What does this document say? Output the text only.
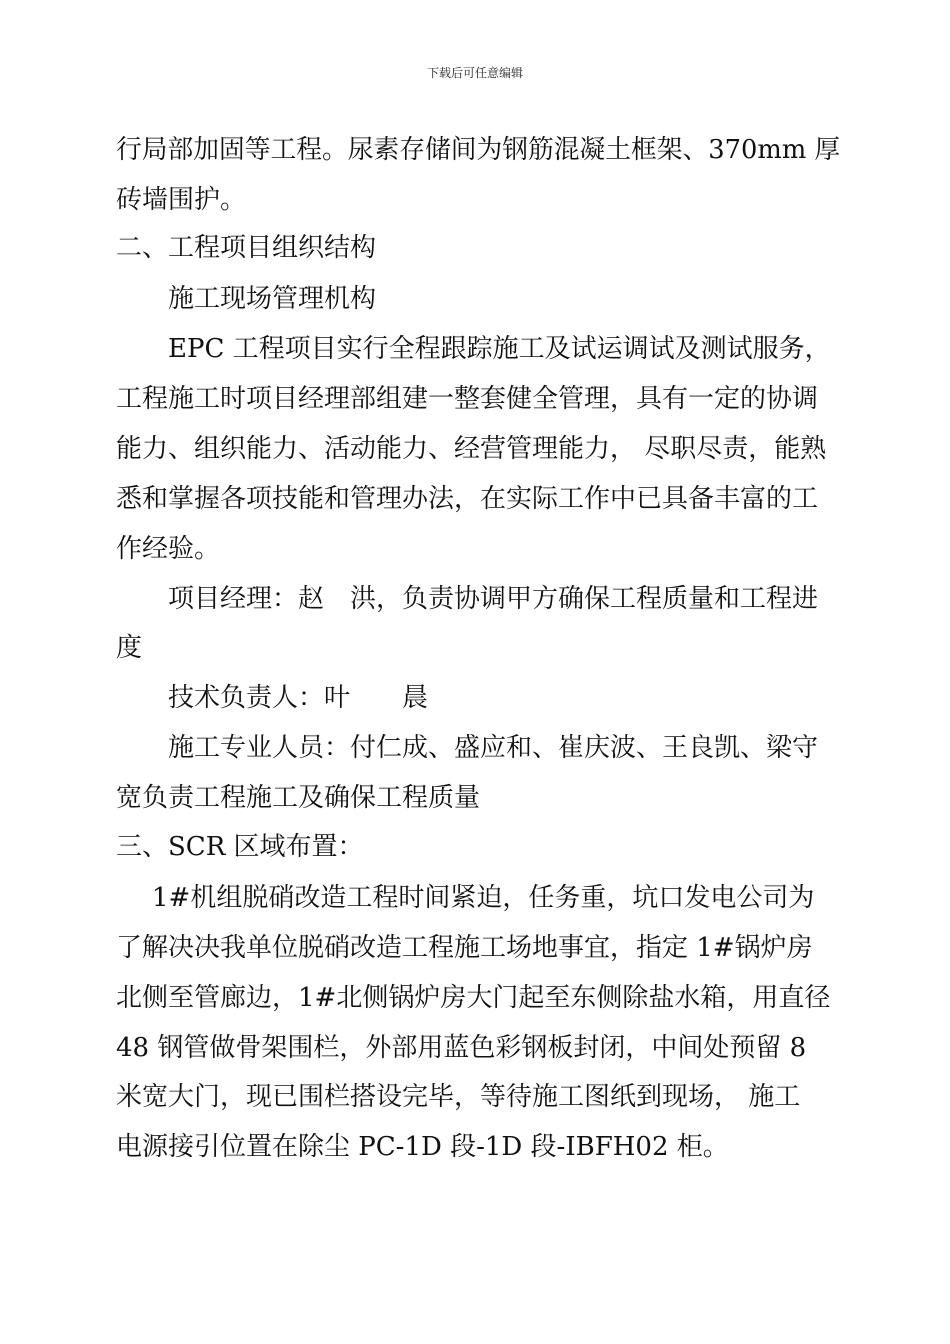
下载后可任意编辑
行局部加固等工程。尿素存储间为钢筋混凝土框架、370mm 厚
砖墙围护。
二、工程项目组织结构
施工现场管理机构
EPC 工程项目实行全程跟踪施工及试运调试及测试服务，
工程施工时项目经理部组建一整套健全管理，具有一定的协调
能力、组织能力、活动能力、经营管理能力， 尽职尽责，能熟
悉和掌握各项技能和管理办法，在实际工作中已具备丰富的工
作经验。
项目经理：赵　洪，负责协调甲方确保工程质量和工程进
度
技术负责人：叶　　晨
施工专业人员：付仁成、盛应和、崔庆波、王良凯、梁守
宽负责工程施工及确保工程质量
三、SCR 区域布置：
1#机组脱硝改造工程时间紧迫，任务重，坑口发电公司为
了解决决我单位脱硝改造工程施工场地事宜，指定 1#锅炉房
北侧至管廊边，1#北侧锅炉房大门起至东侧除盐水箱，用直径
48 钢管做骨架围栏，外部用蓝色彩钢板封闭，中间处预留 8
米宽大门，现已围栏搭设完毕，等待施工图纸到现场， 施工
电源接引位置在除尘 PC-1D 段-1D 段-IBFH02 柜。
